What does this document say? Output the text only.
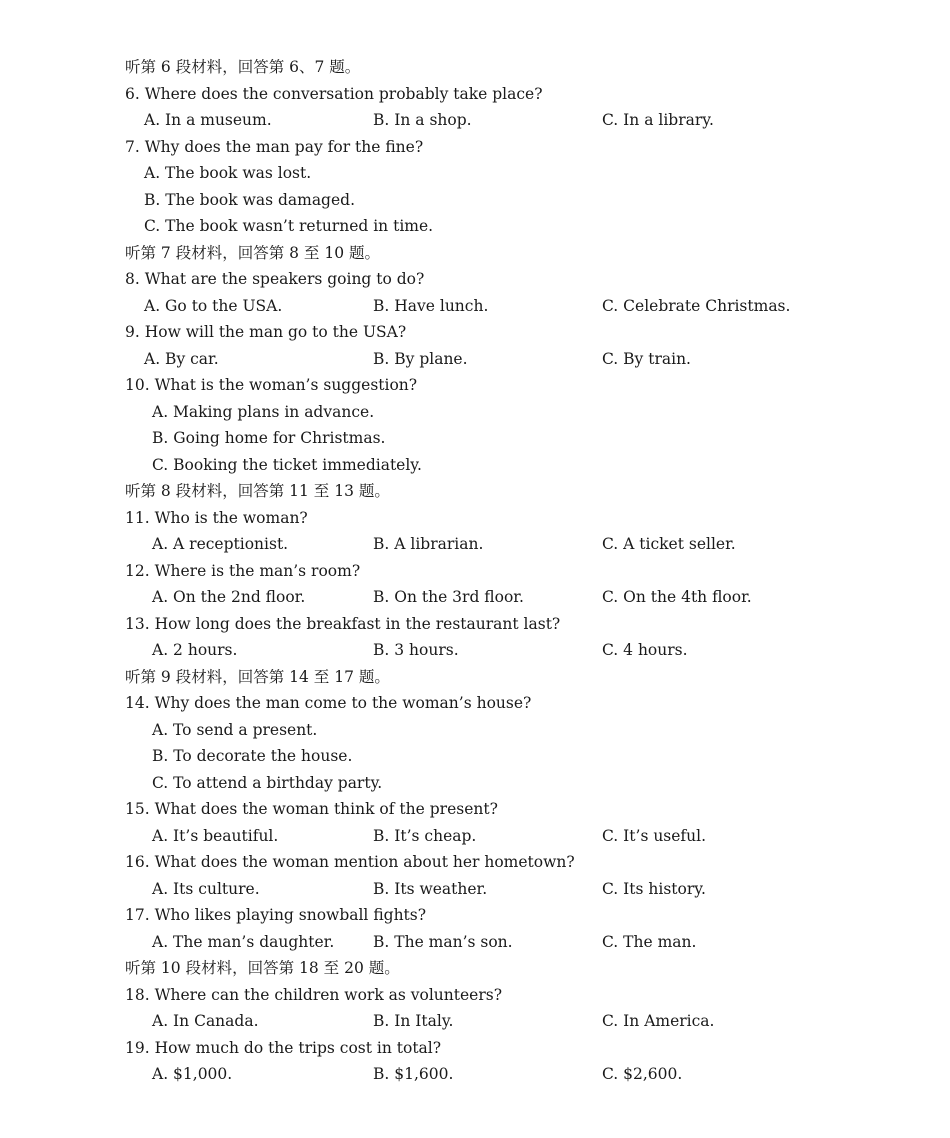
听第 6 段材料，回答第 6、7 题。
6. Where does the conversation probably take place?
A. In a museum.	B. In a shop.	C. In a library.
7. Why does the man pay for the fine?
A. The book was lost.
B. The book was damaged.
C. The book wasn’t returned in time.
听第 7 段材料，回答第 8 至 10 题。
8. What are the speakers going to do?
A. Go to the USA.	B. Have lunch.	C. Celebrate Christmas.
9. How will the man go to the USA?
A. By car.	B. By plane.	C. By train.
10. What is the woman’s suggestion?
A. Making plans in advance.
B. Going home for Christmas.
C. Booking the ticket immediately.
听第 8 段材料，回答第 11 至 13 题。
11. Who is the woman?
A. A receptionist.	B. A librarian.	C. A ticket seller.
12. Where is the man’s room?
A. On the 2nd floor.	B. On the 3rd floor.	C. On the 4th floor.
13. How long does the breakfast in the restaurant last?
A. 2 hours.	B. 3 hours.	C. 4 hours.
听第 9 段材料，回答第 14 至 17 题。
14. Why does the man come to the woman’s house?
A. To send a present.
B. To decorate the house.
C. To attend a birthday party.
15. What does the woman think of the present?
A. It’s beautiful.	B. It’s cheap.	C. It’s useful.
16. What does the woman mention about her hometown?
A. Its culture.	B. Its weather.	C. Its history.
17. Who likes playing snowball fights?
A. The man’s daughter. B. The man’s son.	C. The man.
听第 10 段材料，回答第 18 至 20 题。
18. Where can the children work as volunteers?
A. In Canada.	B. In Italy.	C. In America.
19. How much do the trips cost in total?
A. $1,000.	B. $1,600.	C. $2,600.
